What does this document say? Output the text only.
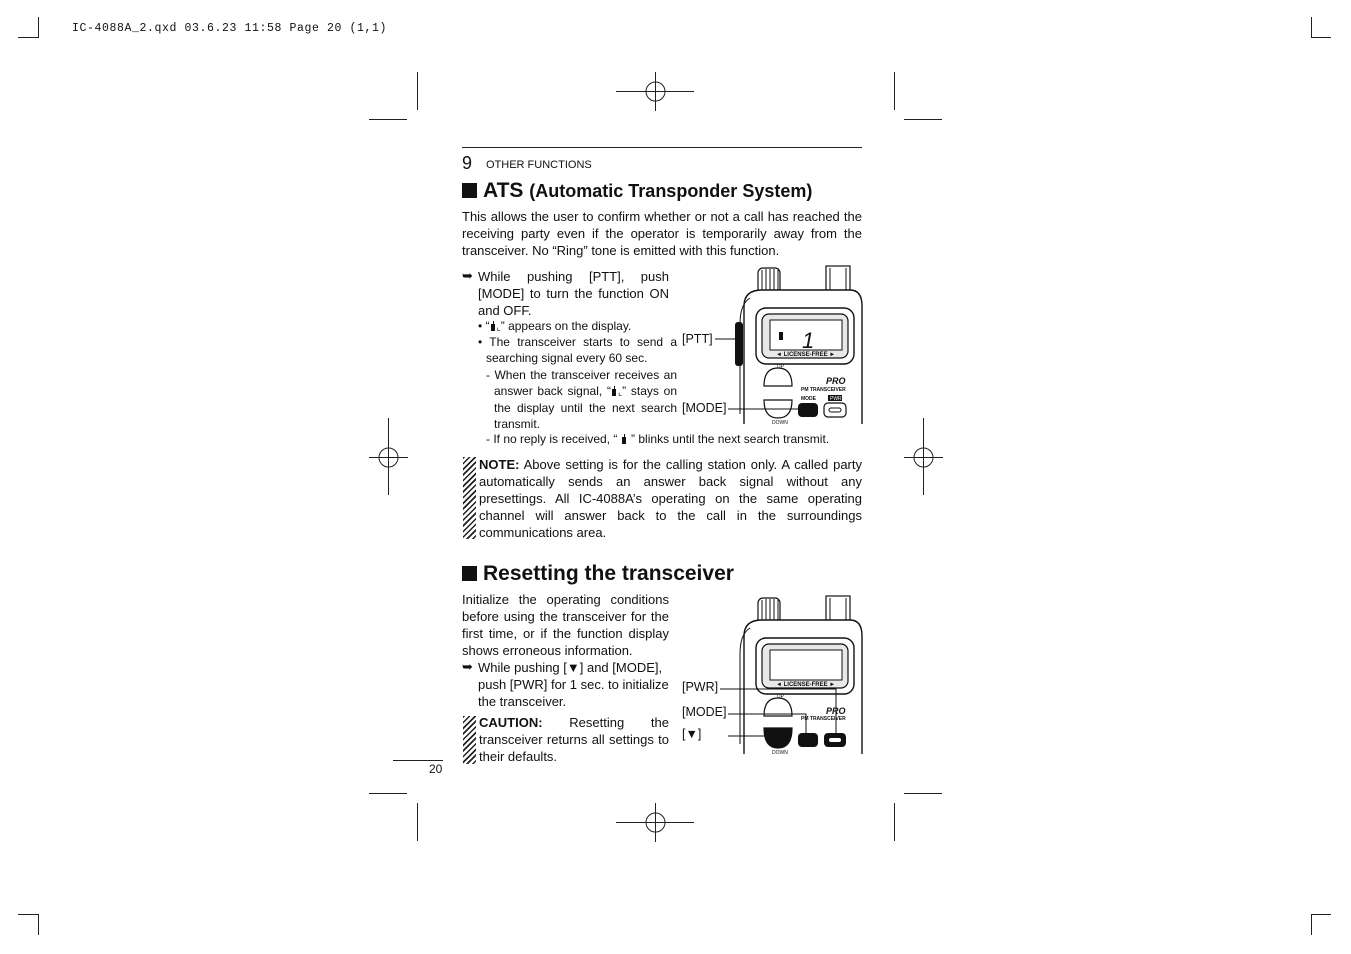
IC-4088A_2.qxd 03.6.23 11:58 Page 20 (1,1)
9 OTHER FUNCTIONS
ATS (Automatic Transponder System)
This allows the user to confirm whether or not a call has reached the receiving party even if the operator is temporarily away from the transceiver. No “Ring” tone is emitted with this function.
➥ While pushing [PTT], push [MODE] to turn the function ON and OFF.
• “ ⌞” appears on the display.
• The transceiver starts to send a searching signal every 60 sec.
- When the transceiver receives an answer back signal, “ ⌞” stays on the display until the next search transmit.
- If no reply is received, “  ” blinks until the next search transmit.
[PTT]
[MODE]
1
◄ LICENSE-FREE ►
UP
DOWN
PRO
PM TRANSCEIVER
MODE	PWR
NOTE: Above setting is for the calling station only. A called party automatically sends an answer back signal without any presettings. All IC-4088A’s operating on the same operating channel will answer back to the call in the surroundings communications area.
Resetting the transceiver
Initialize the operating conditions before using the transceiver for the first time, or if the function display shows erroneous information.
➥ While pushing [▼] and [MODE], push [PWR] for 1 sec. to initialize the transceiver.
CAUTION: Resetting the transceiver returns all settings to their defaults.
[PWR]
[MODE]
[▼]
◄ LICENSE-FREE ►
UP
DOWN
PRO
PM TRANSCEIVER
20
